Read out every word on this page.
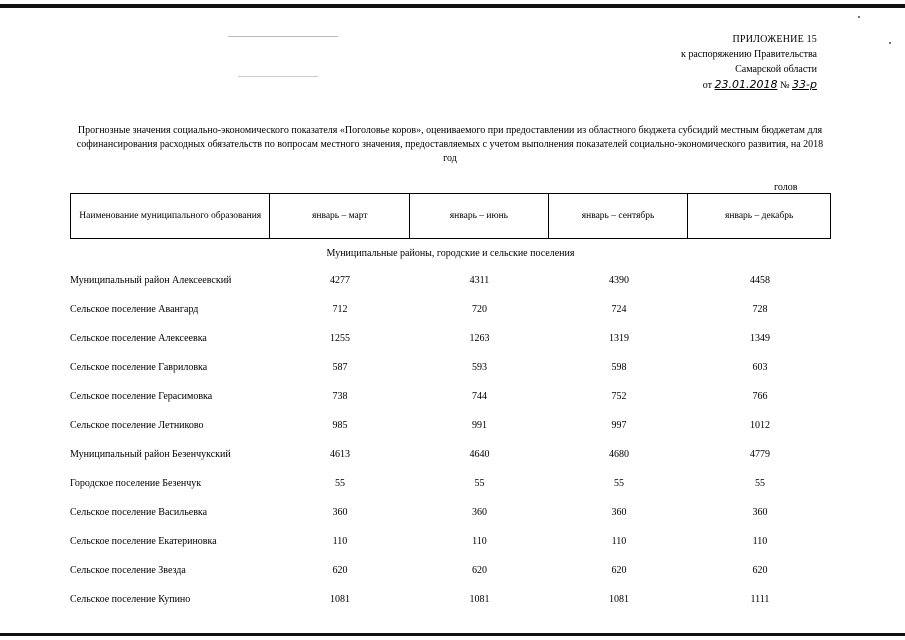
ПРИЛОЖЕНИЕ 15
к распоряжению Правительства
Самарской области
от 23.01.2018 № 33-р
Прогнозные значения социально-экономического показателя «Поголовье коров», оцениваемого при предоставлении из областного бюджета субсидий местным бюджетам для софинансирования расходных обязательств по вопросам местного значения, предоставляемых с учетом выполнения показателей социально-экономического развития, на 2018 год
голов
Наименование муниципального образования	январь – март	январь – июнь	январь – сентябрь	январь – декабрь
Муниципальные районы, городские и сельские поселения
Муниципальный район Алексеевский	4277	4311	4390	4458
Сельское поселение Авангард	712	720	724	728
Сельское поселение Алексеевка	1255	1263	1319	1349
Сельское поселение Гавриловка	587	593	598	603
Сельское поселение Герасимовка	738	744	752	766
Сельское поселение Летниково	985	991	997	1012
Муниципальный район Безенчукский	4613	4640	4680	4779
Городское поселение Безенчук	55	55	55	55
Сельское поселение Васильевка	360	360	360	360
Сельское поселение Екатериновка	110	110	110	110
Сельское поселение Звезда	620	620	620	620
Сельское поселение Купино	1081	1081	1081	1111
